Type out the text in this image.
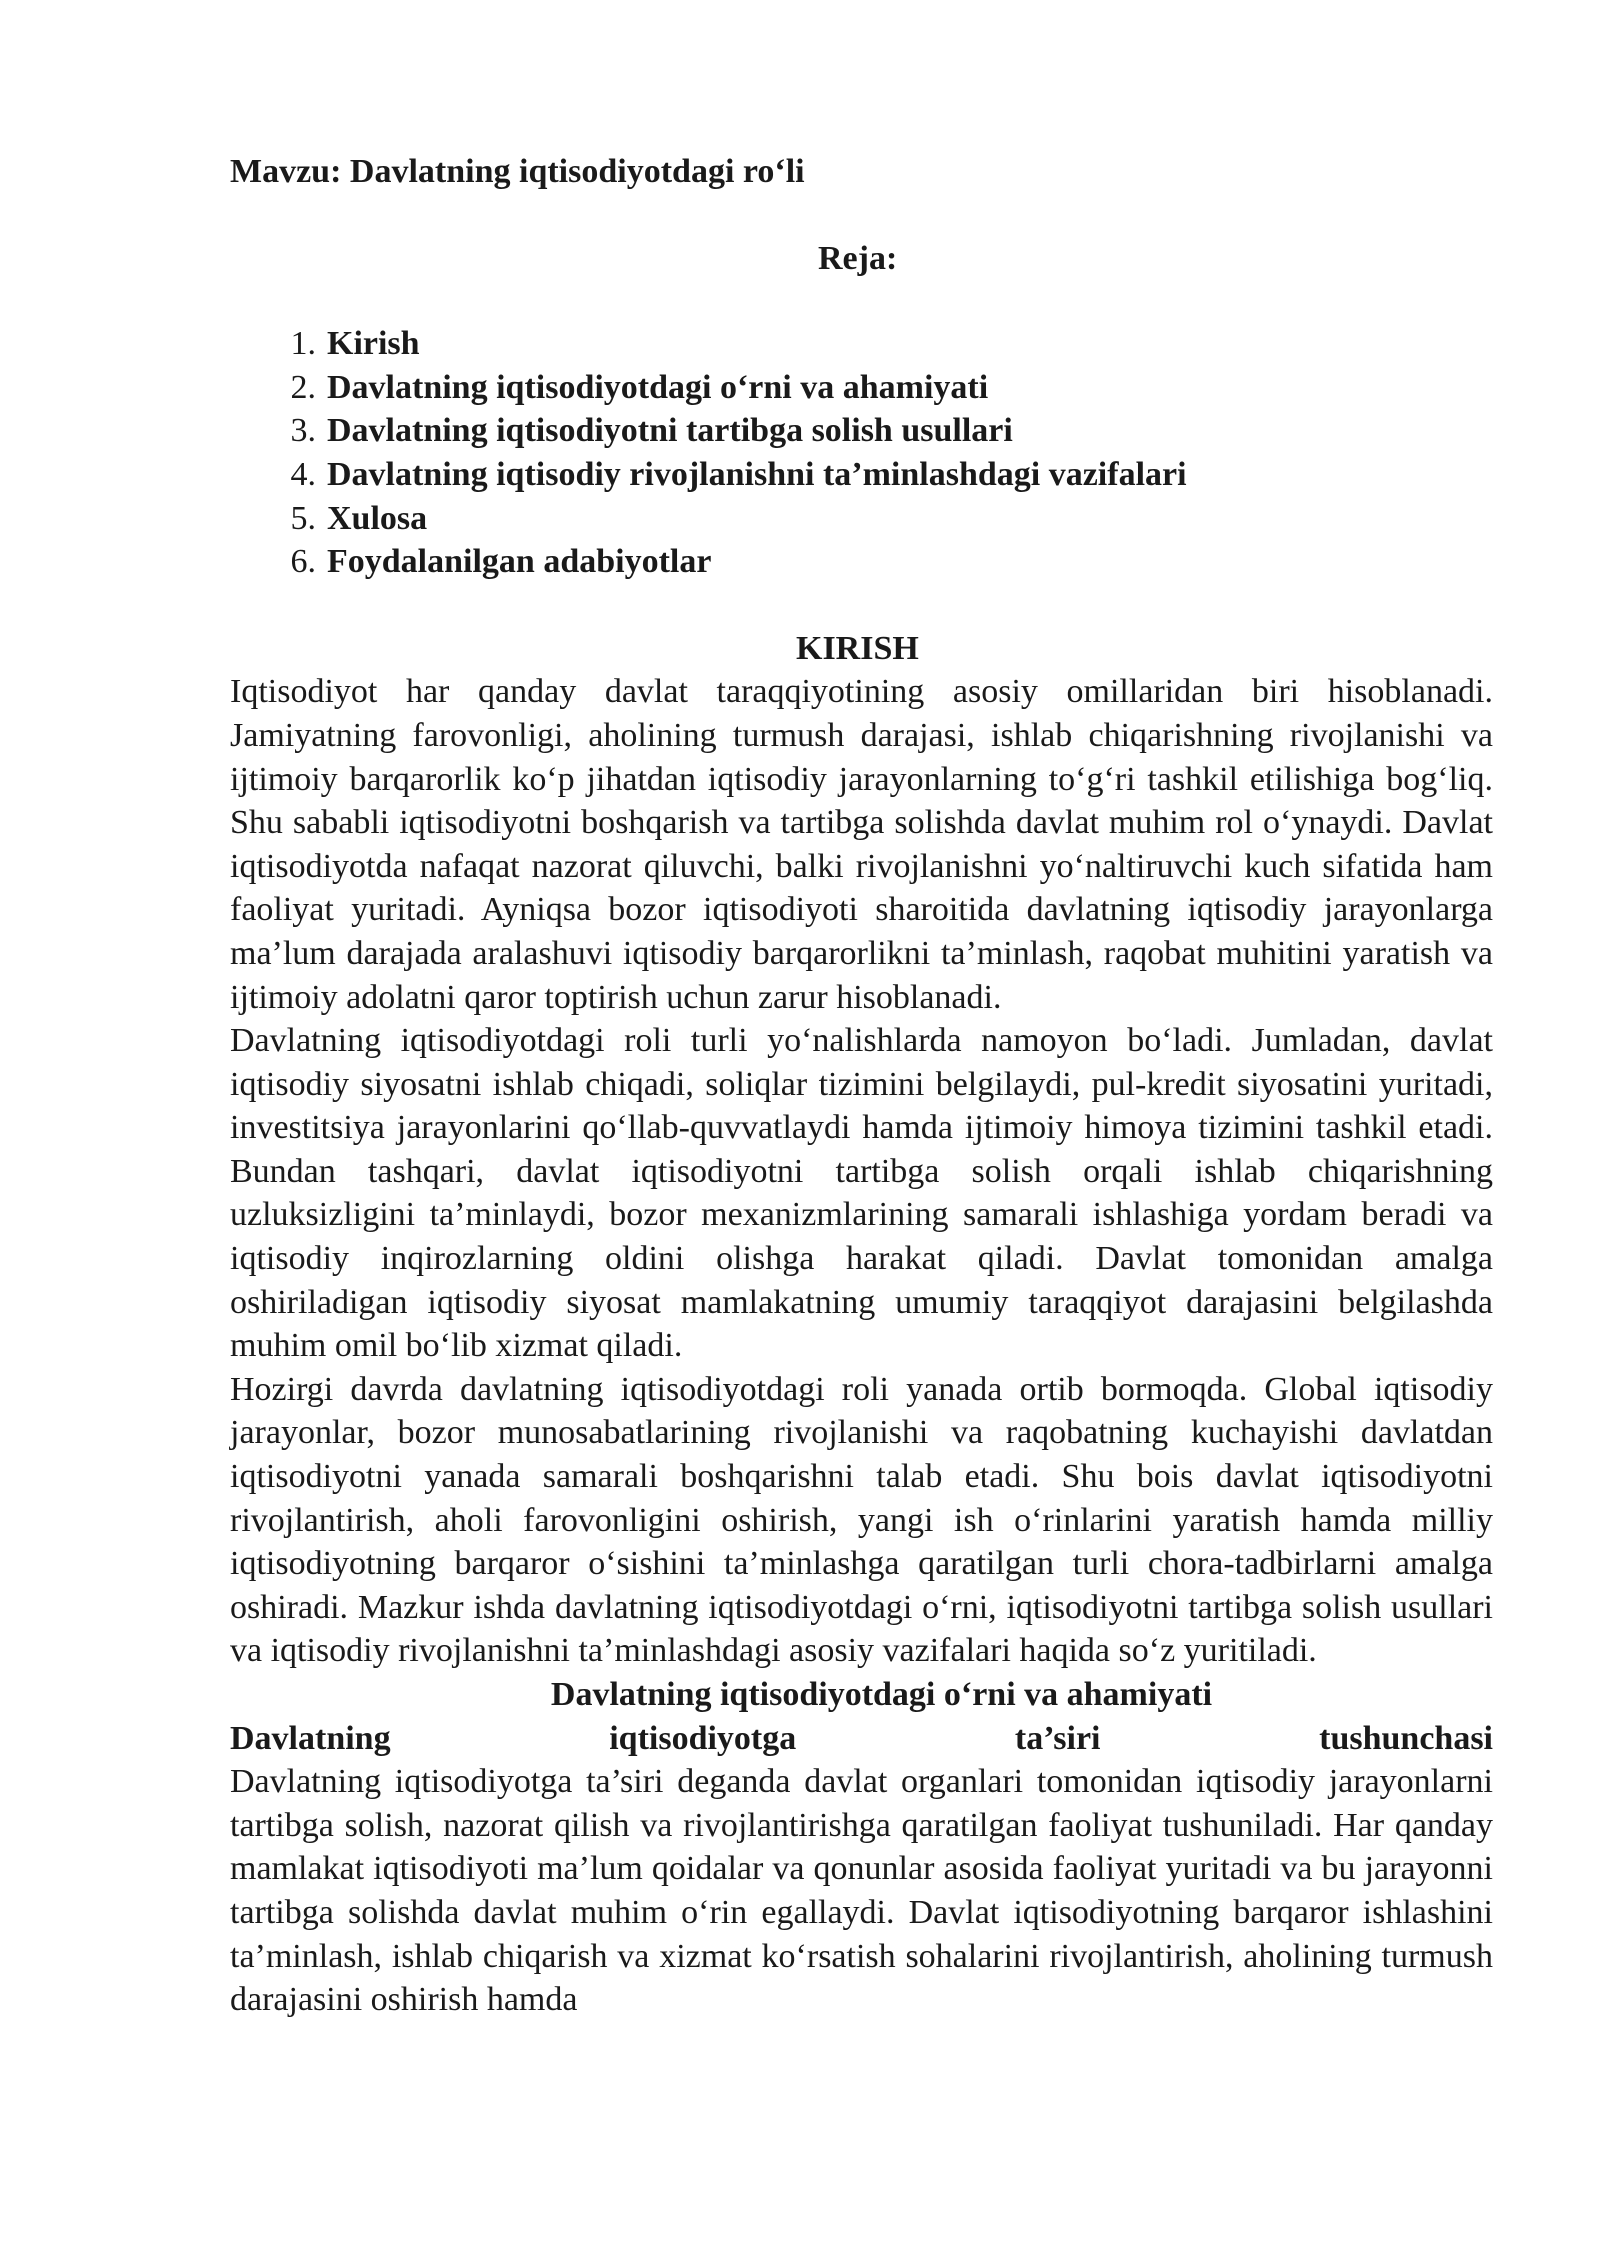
Mavzu: Davlatning iqtisodiyotdagi ro‘li

Reja:

1. Kirish
2. Davlatning iqtisodiyotdagi o‘rni va ahamiyati
3. Davlatning iqtisodiyotni tartibga solish usullari
4. Davlatning iqtisodiy rivojlanishni ta’minlashdagi vazifalari
5. Xulosa
6. Foydalanilgan adabiyotlar

KIRISH

Iqtisodiyot har qanday davlat taraqqiyotining asosiy omillaridan biri hisoblanadi. Jamiyatning farovonligi, aholining turmush darajasi, ishlab chiqarishning rivojlanishi va ijtimoiy barqarorlik ko‘p jihatdan iqtisodiy jarayonlarning to‘g‘ri tashkil etilishiga bog‘liq. Shu sababli iqtisodiyotni boshqarish va tartibga solishda davlat muhim rol o‘ynaydi. Davlat iqtisodiyotda nafaqat nazorat qiluvchi, balki rivojlanishni yo‘naltiruvchi kuch sifatida ham faoliyat yuritadi. Ayniqsa bozor iqtisodiyoti sharoitida davlatning iqtisodiy jarayonlarga ma’lum darajada aralashuvi iqtisodiy barqarorlikni ta’minlash, raqobat muhitini yaratish va ijtimoiy adolatni qaror toptirish uchun zarur hisoblanadi.

Davlatning iqtisodiyotdagi roli turli yo‘nalishlarda namoyon bo‘ladi. Jumladan, davlat iqtisodiy siyosatni ishlab chiqadi, soliqlar tizimini belgilaydi, pul-kredit siyosatini yuritadi, investitsiya jarayonlarini qo‘llab-quvvatlaydi hamda ijtimoiy himoya tizimini tashkil etadi. Bundan tashqari, davlat iqtisodiyotni tartibga solish orqali ishlab chiqarishning uzluksizligini ta’minlaydi, bozor mexanizmlarining samarali ishlashiga yordam beradi va iqtisodiy inqirozlarning oldini olishga harakat qiladi. Davlat tomonidan amalga oshiriladigan iqtisodiy siyosat mamlakatning umumiy taraqqiyot darajasini belgilashda muhim omil bo‘lib xizmat qiladi.

Hozirgi davrda davlatning iqtisodiyotdagi roli yanada ortib bormoqda. Global iqtisodiy jarayonlar, bozor munosabatlarining rivojlanishi va raqobatning kuchayishi davlatdan iqtisodiyotni yanada samarali boshqarishni talab etadi. Shu bois davlat iqtisodiyotni rivojlantirish, aholi farovonligini oshirish, yangi ish o‘rinlarini yaratish hamda milliy iqtisodiyotning barqaror o‘sishini ta’minlashga qaratilgan turli chora-tadbirlarni amalga oshiradi. Mazkur ishda davlatning iqtisodiyotdagi o‘rni, iqtisodiyotni tartibga solish usullari va iqtisodiy rivojlanishni ta’minlashdagi asosiy vazifalari haqida so‘z yuritiladi.

Davlatning iqtisodiyotdagi o‘rni va ahamiyati

Davlatning	iqtisodiyotga	ta’siri	tushunchasi

Davlatning iqtisodiyotga ta’siri deganda davlat organlari tomonidan iqtisodiy jarayonlarni tartibga solish, nazorat qilish va rivojlantirishga qaratilgan faoliyat tushuniladi. Har qanday mamlakat iqtisodiyoti ma’lum qoidalar va qonunlar asosida faoliyat yuritadi va bu jarayonni tartibga solishda davlat muhim o‘rin egallaydi. Davlat iqtisodiyotning barqaror ishlashini ta’minlash, ishlab chiqarish va xizmat ko‘rsatish sohalarini rivojlantirish, aholining turmush darajasini oshirish hamda
